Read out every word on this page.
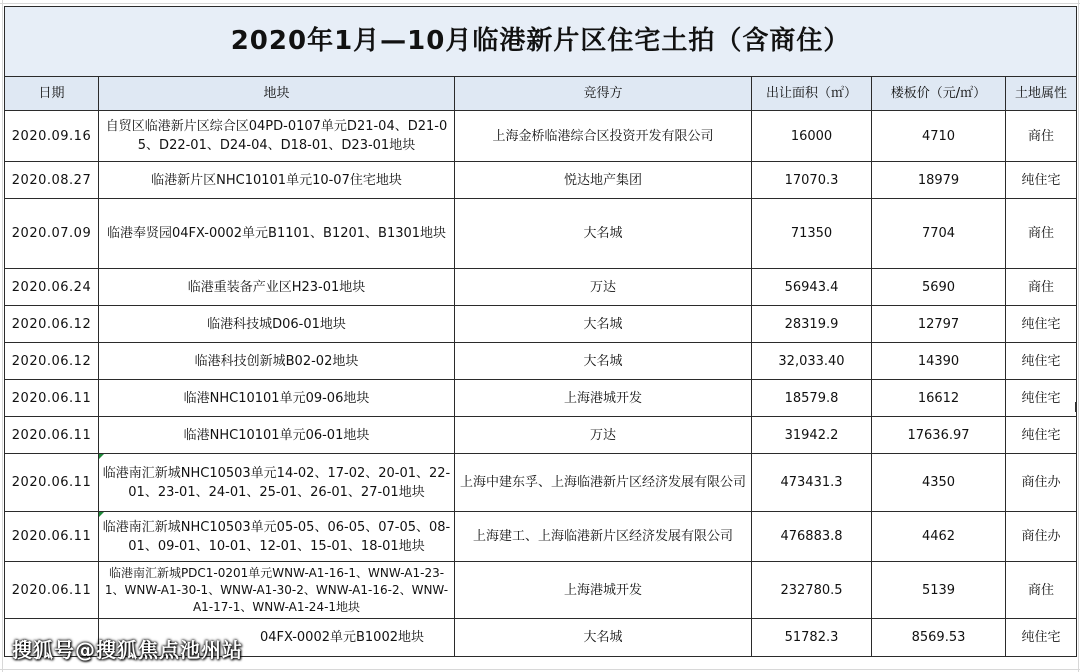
2020年1月—10月临港新片区住宅土拍（含商住）					
日期	地块	竞得方	出让面积（㎡）	楼板价（元/㎡）	土地属性
2020.09.16	自贸区临港新片区综合区04PD-0107单元D21-04、D21-05、D22-01、D24-04、D18-01、D23-01地块	上海金桥临港综合区投资开发有限公司	16000	4710	商住
2020.08.27	临港新片区NHC10101单元10-07住宅地块	悦达地产集团	17070.3	18979	纯住宅
2020.07.09	临港奉贤园04FX-0002单元B1101、B1201、B1301地块	大名城	71350	7704	商住
2020.06.24	临港重装备产业区H23-01地块	万达	56943.4	5690	商住
2020.06.12	临港科技城D06-01地块	大名城	28319.9	12797	纯住宅
2020.06.12	临港科技创新城B02-02地块	大名城	32,033.40	14390	纯住宅
2020.06.11	临港NHC10101单元09-06地块	上海港城开发	18579.8	16612	纯住宅
2020.06.11	临港NHC10101单元06-01地块	万达	31942.2	17636.97	纯住宅
2020.06.11	临港南汇新城NHC10503单元14-02、17-02、20-01、22-01、23-01、24-01、25-01、26-01、27-01地块	上海中建东孚、上海临港新片区经济发展有限公司	473431.3	4350	商住办
2020.06.11	临港南汇新城NHC10503单元05-05、06-05、07-05、08-01、09-01、10-01、12-01、15-01、18-01地块	上海建工、上海临港新片区经济发展有限公司	476883.8	4462	商住办
2020.06.11	临港南汇新城PDC1-0201单元WNW-A1-16-1、WNW-A1-23-1、WNW-A1-30-1、WNW-A1-30-2、WNW-A1-16-2、WNW-A1-17-1、WNW-A1-24-1地块	上海港城开发	232780.5	5139	商住
	04FX-0002单元B1002地块	大名城	51782.3	8569.53	纯住宅
搜狐号@搜狐焦点池州站
